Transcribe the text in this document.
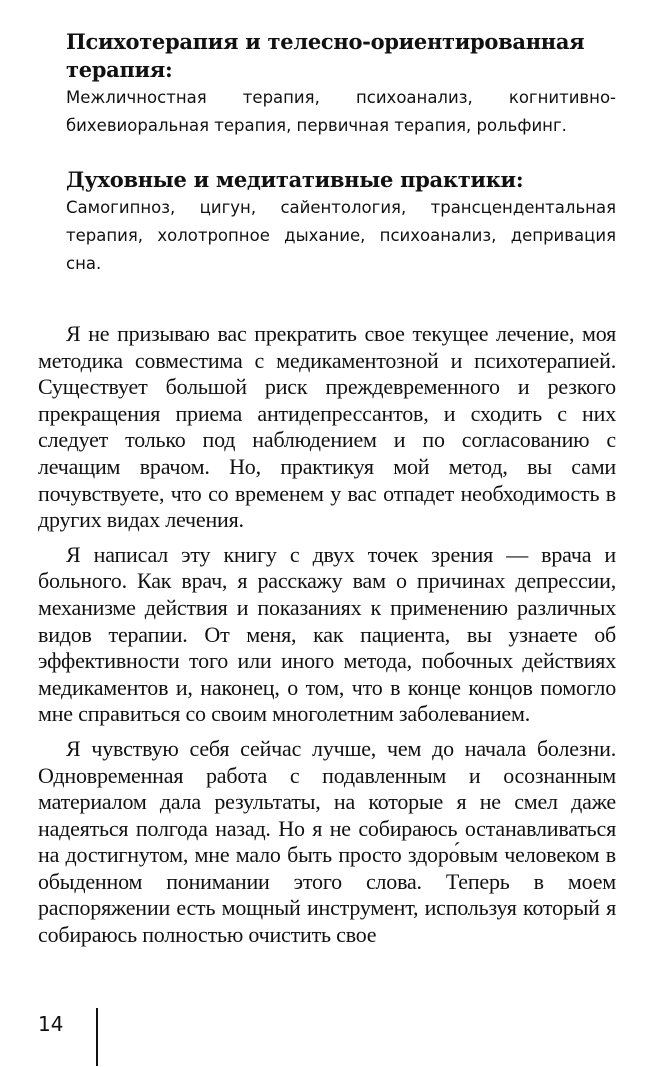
Психотерапия и телесно-ориентированная терапия:

Межличностная терапия, психоанализ, когнитивно-бихевиоральная терапия, первичная терапия, рольфинг.

Духовные и медитативные практики:

Самогипноз, цигун, сайентология, трансцендентальная терапия, холотропное дыхание, психоанализ, депривация сна.

Я не призываю вас прекратить свое текущее лечение, моя методика совместима с медикаментозной и психотерапией. Существует большой риск преждевременного и резкого прекращения приема антидепрессантов, и сходить с них следует только под наблюдением и по согласованию с лечащим врачом. Но, практикуя мой метод, вы сами почувствуете, что со временем у вас отпадет необходимость в других видах лечения.

Я написал эту книгу с двух точек зрения — врача и больного. Как врач, я расскажу вам о причинах депрессии, механизме действия и показаниях к применению различных видов терапии. От меня, как пациента, вы узнаете об эффективности того или иного метода, побочных действиях медикаментов и, наконец, о том, что в конце концов помогло мне справиться со своим многолетним заболеванием.

Я чувствую себя сейчас лучше, чем до начала болезни. Одновременная работа с подавленным и осознанным материалом дала результаты, на которые я не смел даже надеяться полгода назад. Но я не собираюсь останавливаться на достигнутом, мне мало быть просто здоро́вым человеком в обыденном понимании этого слова. Теперь в моем распоряжении есть мощный инструмент, используя который я собираюсь полностью очистить свое

14
